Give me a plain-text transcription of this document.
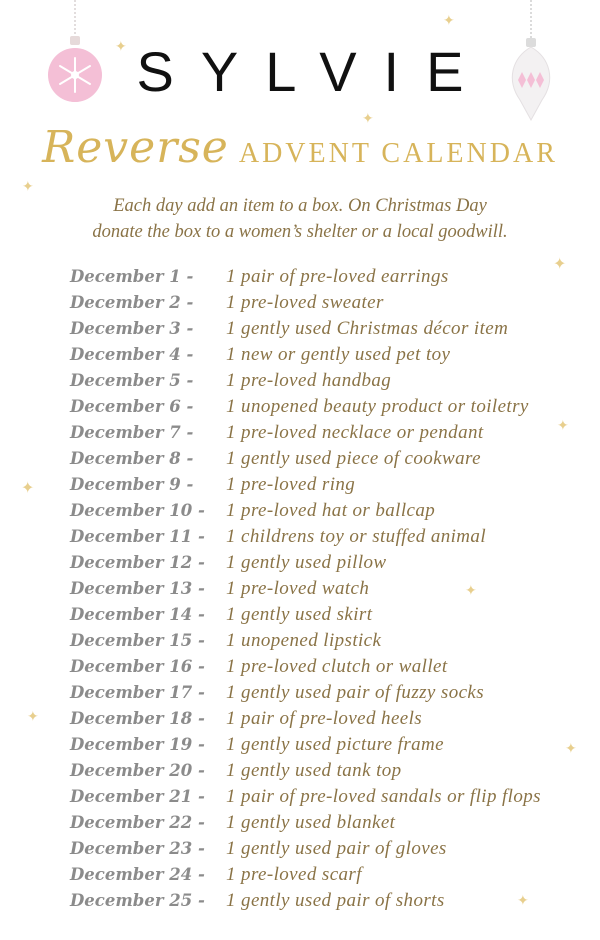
✦
✦
✦
✦
✦
✦
✦
✦
✦
✦
✦
SYLVIE
Reverse ADVENT CALENDAR
Each day add an item to a box. On Christmas Day
donate the box to a women’s shelter or a local goodwill.
December 1 -	1 pair of pre-loved earrings
December 2 -	1 pre-loved sweater
December 3 -	1 gently used Christmas décor item
December 4 -	1 new or gently used pet toy
December 5 -	1 pre-loved handbag
December 6 -	1 unopened beauty product or toiletry
December 7 -	1 pre-loved necklace or pendant
December 8 -	1 gently used piece of cookware
December 9 -	1 pre-loved ring
December 10 -	1 pre-loved hat or ballcap
December 11 -	1 childrens toy or stuffed animal
December 12 -	1 gently used pillow
December 13 -	1 pre-loved watch
December 14 -	1 gently used skirt
December 15 -	1 unopened lipstick
December 16 -	1 pre-loved clutch or wallet
December 17 -	1 gently used pair of fuzzy socks
December 18 -	1 pair of pre-loved heels
December 19 -	1 gently used picture frame
December 20 -	1 gently used tank top
December 21 -	1 pair of pre-loved sandals or flip flops
December 22 -	1 gently used blanket
December 23 -	1 gently used pair of gloves
December 24 -	1 pre-loved scarf
December 25 -	1 gently used pair of shorts
